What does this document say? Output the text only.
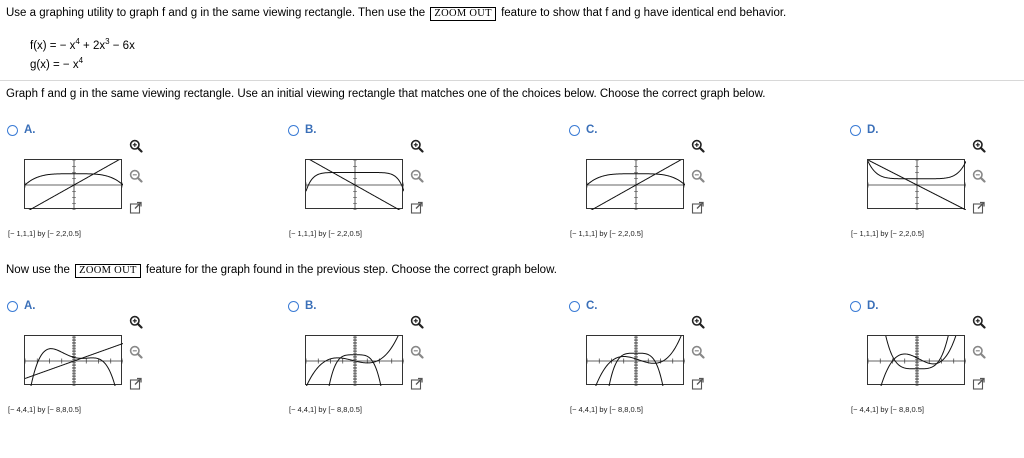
Use a graphing utility to graph f and g in the same viewing rectangle. Then use the ZOOM OUT feature to show that f and g have identical end behavior.
f(x) = − $x^4 + 2x^3 - 6x$
g(x) = − $x^4$
Graph f and g in the same viewing rectangle. Use an initial viewing rectangle that matches one of the choices below. Choose the correct graph below.
A.
[− 1,1,1] by [− 2,2,0.5]
B.
[− 1,1,1] by [− 2,2,0.5]
C.
[− 1,1,1] by [− 2,2,0.5]
D.
[− 1,1,1] by [− 2,2,0.5]
Now use the ZOOM OUT feature for the graph found in the previous step. Choose the correct graph below.
A.
[− 4,4,1] by [− 8,8,0.5]
B.
[− 4,4,1] by [− 8,8,0.5]
C.
[− 4,4,1] by [− 8,8,0.5]
D.
[− 4,4,1] by [− 8,8,0.5]
